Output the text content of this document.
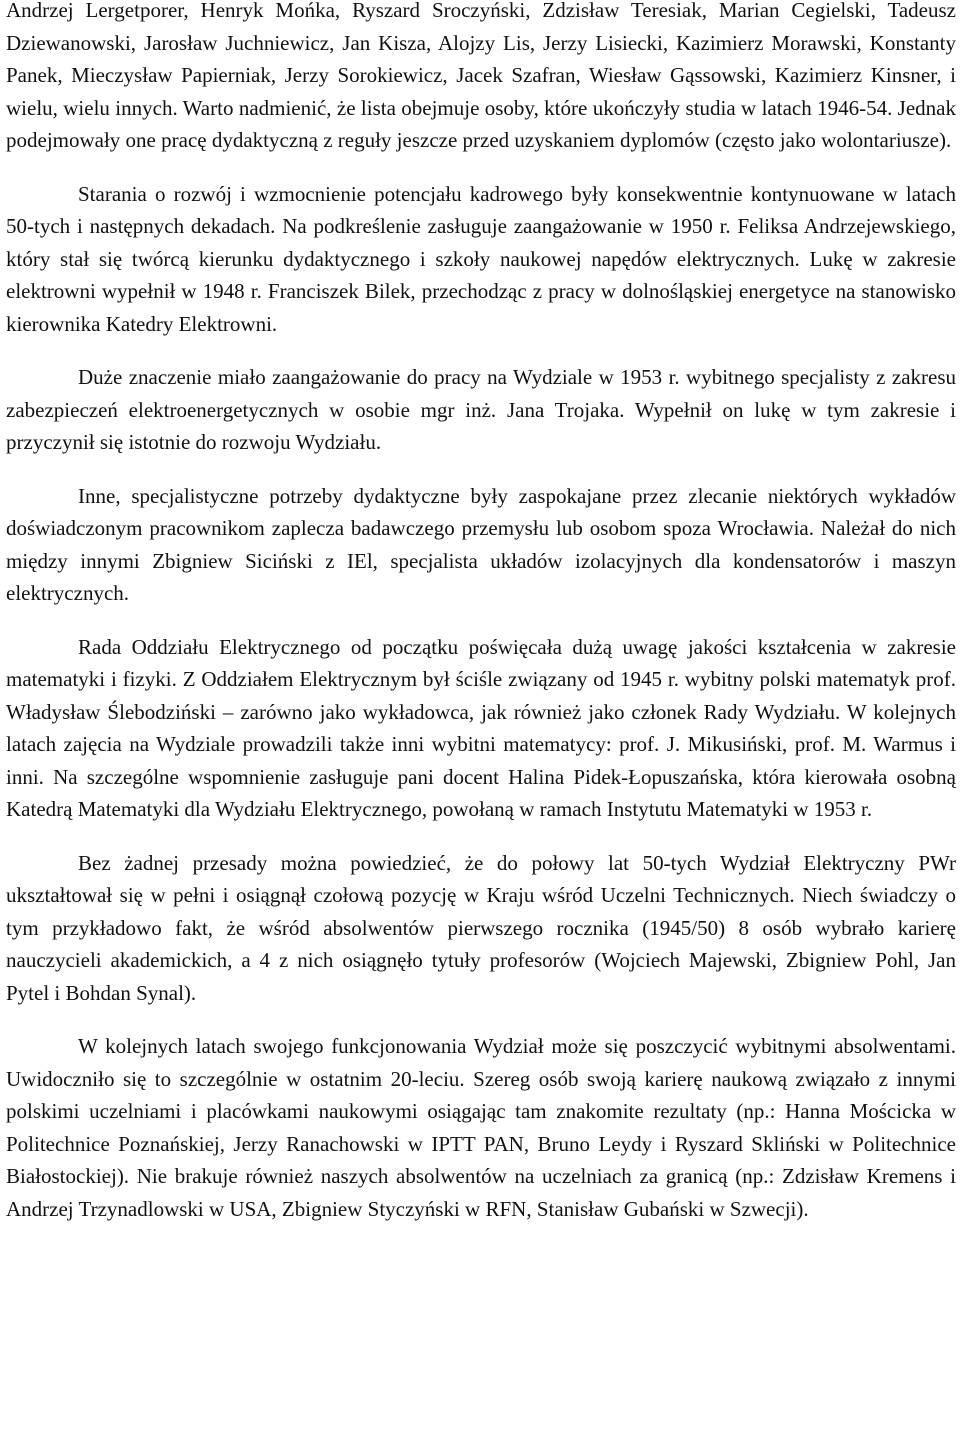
Andrzej Lergetporer, Henryk Mońka, Ryszard Sroczyński, Zdzisław Teresiak, Marian Cegielski, Tadeusz Dziewanowski, Jarosław Juchniewicz, Jan Kisza, Alojzy Lis, Jerzy Lisiecki, Kazimierz Morawski, Konstanty Panek, Mieczysław Papierniak, Jerzy Sorokiewicz, Jacek Szafran, Wiesław Gąssowski, Kazimierz Kinsner, i wielu, wielu innych. Warto nadmienić, że lista obejmuje osoby, które ukończyły studia w latach 1946-54. Jednak podejmowały one pracę dydaktyczną z reguły jeszcze przed uzyskaniem dyplomów (często jako wolontariusze).

Starania o rozwój i wzmocnienie potencjału kadrowego były konsekwentnie kontynuowane w latach 50-tych i następnych dekadach. Na podkreślenie zasługuje zaangażowanie w 1950 r. Feliksa Andrzejewskiego, który stał się twórcą kierunku dydaktycznego i szkoły naukowej napędów elektrycznych. Lukę w zakresie elektrowni wypełnił w 1948 r. Franciszek Bilek, przechodząc z pracy w dolnośląskiej energetyce na stanowisko kierownika Katedry Elektrowni.

Duże znaczenie miało zaangażowanie do pracy na Wydziale w 1953 r. wybitnego specjalisty z zakresu zabezpieczeń elektroenergetycznych w osobie mgr inż. Jana Trojaka. Wypełnił on lukę w tym zakresie i przyczynił się istotnie do rozwoju Wydziału.

Inne, specjalistyczne potrzeby dydaktyczne były zaspokajane przez zlecanie niektórych wykładów doświadczonym pracownikom zaplecza badawczego przemysłu lub osobom spoza Wrocławia. Należał do nich między innymi Zbigniew Siciński z IEl, specjalista układów izolacyjnych dla kondensatorów i maszyn elektrycznych.

Rada Oddziału Elektrycznego od początku poświęcała dużą uwagę jakości kształcenia w zakresie matematyki i fizyki. Z Oddziałem Elektrycznym był ściśle związany od 1945 r. wybitny polski matematyk prof. Władysław Ślebodziński – zarówno jako wykładowca, jak również jako członek Rady Wydziału. W kolejnych latach zajęcia na Wydziale prowadzili także inni wybitni matematycy: prof. J. Mikusiński, prof. M. Warmus i inni. Na szczególne wspomnienie zasługuje pani docent Halina Pidek-Łopuszańska, która kierowała osobną Katedrą Matematyki dla Wydziału Elektrycznego, powołaną w ramach Instytutu Matematyki w 1953 r.

Bez żadnej przesady można powiedzieć, że do połowy lat 50-tych Wydział Elektryczny PWr ukształtował się w pełni i osiągnął czołową pozycję w Kraju wśród Uczelni Technicznych. Niech świadczy o tym przykładowo fakt, że wśród absolwentów pierwszego rocznika (1945/50) 8 osób wybrało karierę nauczycieli akademickich, a 4 z nich osiągnęło tytuły profesorów (Wojciech Majewski, Zbigniew Pohl, Jan Pytel i Bohdan Synal).

W kolejnych latach swojego funkcjonowania Wydział może się poszczycić wybitnymi absolwentami. Uwidoczniło się to szczególnie w ostatnim 20-leciu. Szereg osób swoją karierę naukową związało z innymi polskimi uczelniami i placówkami naukowymi osiągając tam znakomite rezultaty (np.: Hanna Mościcka w Politechnice Poznańskiej, Jerzy Ranachowski w IPTT PAN, Bruno Leydy i Ryszard Skliński w Politechnice Białostockiej). Nie brakuje również naszych absolwentów na uczelniach za granicą (np.: Zdzisław Kremens i Andrzej Trzynadlowski w USA, Zbigniew Styczyński w RFN, Stanisław Gubański w Szwecji).
